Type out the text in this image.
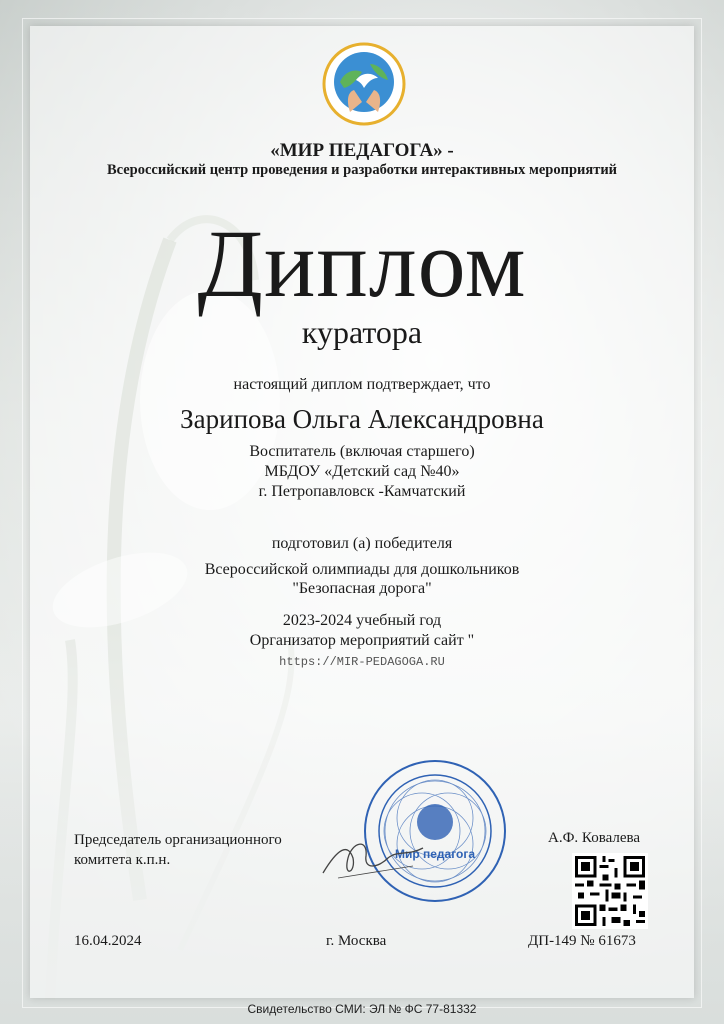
«МИР ПЕДАГОГА» -
Всероссийский центр проведения и разработки интерактивных мероприятий
Диплом
куратора
настоящий диплом подтверждает, что
Зарипова Ольга Александровна
Воспитатель (включая старшего)
МБДОУ «Детский сад №40»
г. Петропавловск -Камчатский
подготовил (а) победителя
Всероссийской олимпиады для дошкольников
"Безопасная дорога"
2023-2024 учебный год
Организатор мероприятий сайт "
https://MIR-PEDAGOGA.RU
Мир педагога
Председатель организационного
комитета к.п.н.
А.Ф. Ковалева
16.04.2024	г. Москва	ДП-149 № 61673
Свидетельство СМИ: ЭЛ № ФС 77-81332
